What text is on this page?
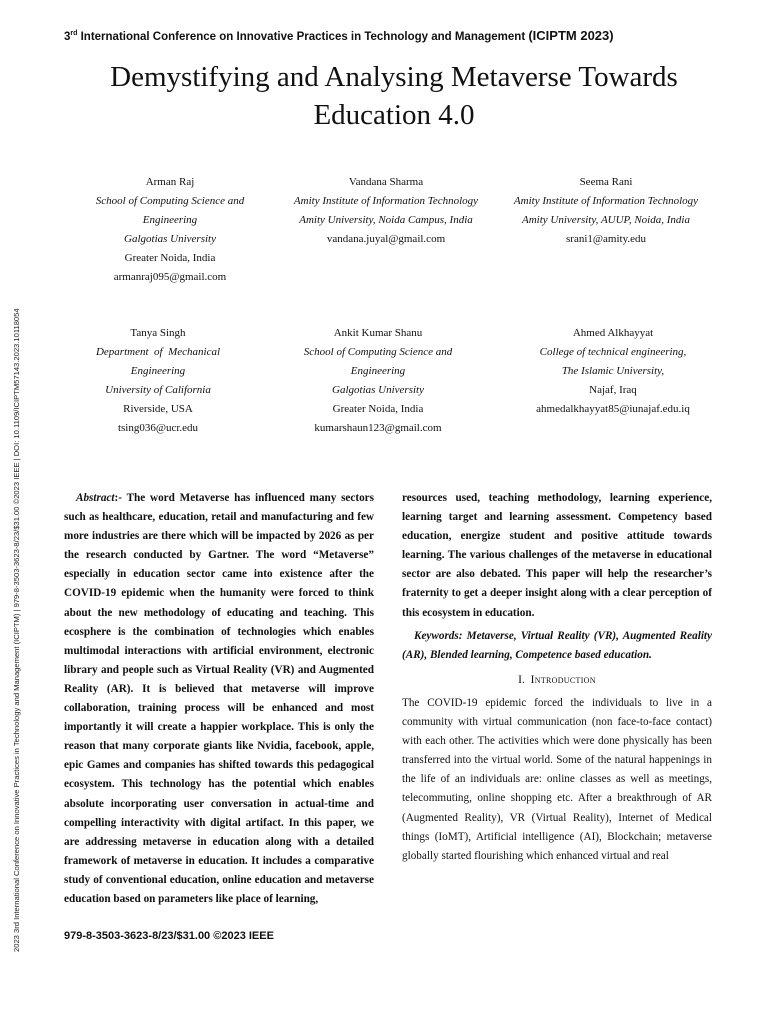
3rd International Conference on Innovative Practices in Technology and Management (ICIPTM 2023)
Demystifying and Analysing Metaverse Towards
Education 4.0
2023 3rd International Conference on Innovative Practices in Technology and Management (ICIPTM) | 979-8-3503-3623-8/23/$31.00 ©2023 IEEE | DOI: 10.1109/ICIPTM57143.2023.10118054
Arman Raj
School of Computing Science and
Engineering
Galgotias University
Greater Noida, India
armanraj095@gmail.com
Vandana Sharma
Amity Institute of Information Technology
Amity University, Noida Campus, India
vandana.juyal@gmail.com
Seema Rani
Amity Institute of Information Technology
Amity University, AUUP, Noida, India
srani1@amity.edu
Tanya Singh
Department  of  Mechanical
Engineering
University of California
Riverside, USA
tsing036@ucr.edu
Ankit Kumar Shanu
School of Computing Science and
Engineering
Galgotias University
Greater Noida, India
kumarshaun123@gmail.com
Ahmed Alkhayyat
College of technical engineering,
The Islamic University,
Najaf, Iraq
ahmedalkhayyat85@iunajaf.edu.iq

Abstract:- The word Metaverse has influenced many sectors such as healthcare, education, retail and manufacturing and few more industries are there which will be impacted by 2026 as per the research conducted by Gartner. The word “Metaverse” especially in education sector came into existence after the COVID-19 epidemic when the humanity were forced to think about the new methodology of educating and teaching. This ecosphere is the combination of technologies which enables multimodal interactions with artificial environment, electronic library and people such as Virtual Reality (VR) and Augmented Reality (AR). It is believed that metaverse will improve collaboration, training process will be enhanced and most importantly it will create a happier workplace. This is only the reason that many corporate giants like Nvidia, facebook, apple, epic Games and companies has shifted towards this pedagogical ecosystem. This technology has the potential which enables absolute incorporating user conversation in actual-time and compelling interactivity with digital artifact. In this paper, we are addressing metaverse in education along with a detailed framework of metaverse in education. It includes a comparative study of conventional education, online education and metaverse education based on parameters like place of learning,

resources used, teaching methodology, learning experience, learning target and learning assessment. Competency based education, energize student and positive attitude towards learning. The various challenges of the metaverse in educational sector are also debated. This paper will help the researcher’s fraternity to get a deeper insight along with a clear perception of this ecosystem in education.

Keywords: Metaverse, Virtual Reality (VR), Augmented Reality (AR), Blended learning, Competence based education.

I. Introduction

The COVID-19 epidemic forced the individuals to live in a community with virtual communication (non face-to-face contact) with each other. The activities which were done physically has been transferred into the virtual world. Some of the natural happenings in the life of an individuals are: online classes as well as meetings, telecommuting, online shopping etc. After a breakthrough of AR (Augmented Reality), VR (Virtual Reality), Internet of Medical things (IoMT), Artificial intelligence (AI), Blockchain; metaverse globally started flourishing which enhanced virtual and real

979-8-3503-3623-8/23/$31.00 ©2023 IEEE
